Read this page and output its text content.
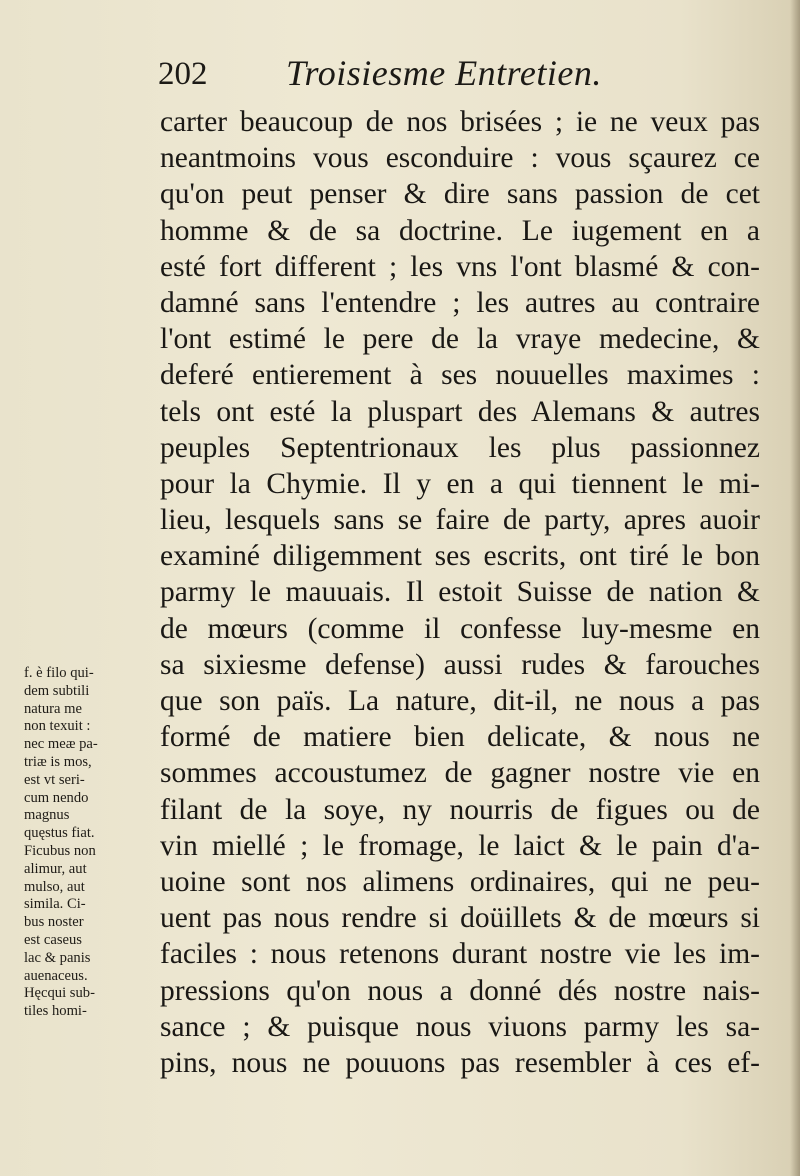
202 Troisiesme Entretien.
carter beaucoup de nos brisées ; ie ne veux pas
neantmoins vous esconduire : vous sçaurez ce
qu'on peut penser & dire sans passion de cet
homme & de sa doctrine. Le iugement en a
esté fort different ; les vns l'ont blasmé & con-
damné sans l'entendre ; les autres au contraire
l'ont estimé le pere de la vraye medecine, &
deferé entierement à ses nouuelles maximes :
tels ont esté la pluspart des Alemans & autres
peuples Septentrionaux les plus passionnez
pour la Chymie. Il y en a qui tiennent le mi-
lieu, lesquels sans se faire de party, apres auoir
examiné diligemment ses escrits, ont tiré le bon
parmy le mauuais. Il estoit Suisse de nation &
de mœurs (comme il confesse luy-mesme en
sa sixiesme defense) aussi rudes & farouches
que son païs. La nature, dit-il, ne nous a pas
formé de matiere bien delicate, & nous ne
sommes accoustumez de gagner nostre vie en
filant de la soye, ny nourris de figues ou de
vin miellé ; le fromage, le laict & le pain d'a-
uoine sont nos alimens ordinaires, qui ne peu-
uent pas nous rendre si doüillets & de mœurs si
faciles : nous retenons durant nostre vie les im-
pressions qu'on nous a donné dés nostre nais-
sance ; & puisque nous viuons parmy les sa-
pins, nous ne pouuons pas resembler à ces ef-
f. è filo qui-
dem subtili
natura me
non texuit :
nec meæ pa-
triæ is mos,
est vt seri-
cum nendo
magnus
quęstus fiat.
Ficubus non
alimur, aut
mulso, aut
simila. Ci-
bus noster
est caseus
lac & panis
auenaceus.
Hęcqui sub-
tiles homi-
